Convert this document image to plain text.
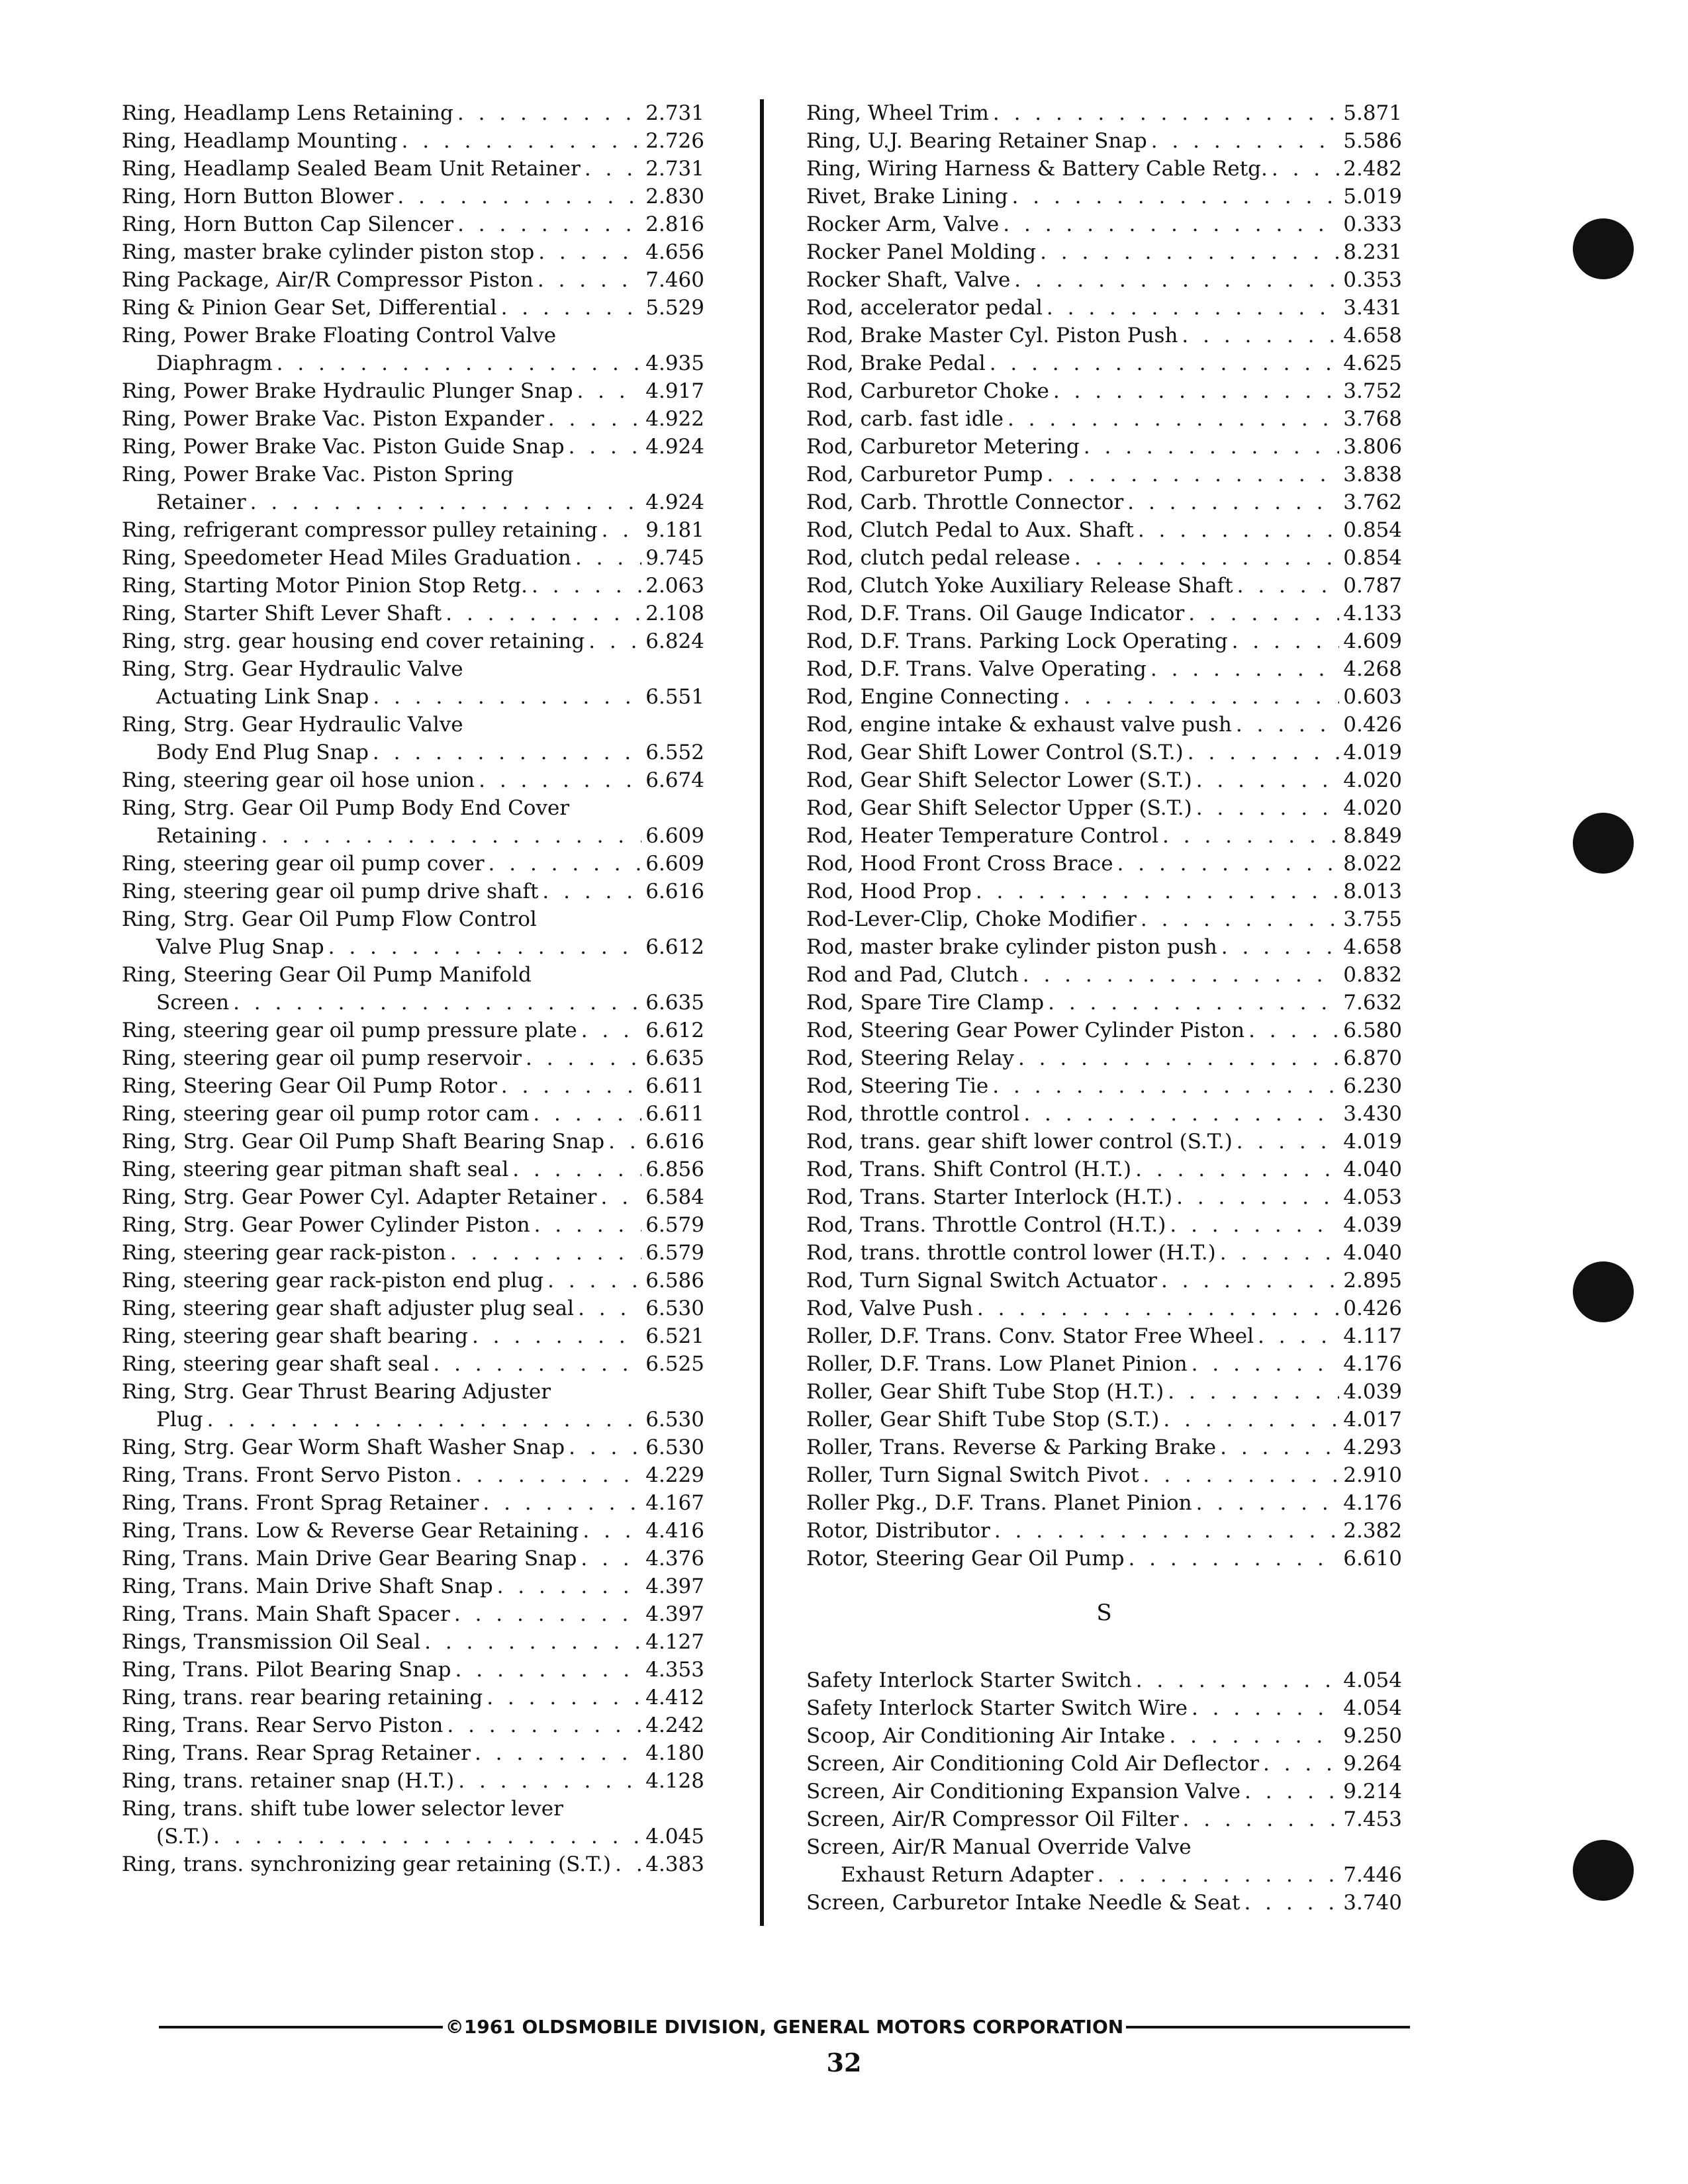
Ring, Headlamp Lens Retaining . . .	2.731
Ring, Headlamp Mounting . . .	2.726
Ring, Headlamp Sealed Beam Unit Retainer . . .	2.731
Ring, Horn Button Blower . . .	2.830
Ring, Horn Button Cap Silencer . . .	2.816
Ring, master brake cylinder piston stop . . .	4.656
Ring Package, Air/R Compressor Piston . . .	7.460
Ring & Pinion Gear Set, Differential . . .	5.529
Ring, Power Brake Floating Control Valve
Diaphragm . . .	4.935
Ring, Power Brake Hydraulic Plunger Snap . . .	4.917
Ring, Power Brake Vac. Piston Expander . . .	4.922
Ring, Power Brake Vac. Piston Guide Snap . . .	4.924
Ring, Power Brake Vac. Piston Spring
Retainer . . .	4.924
Ring, refrigerant compressor pulley retaining . . . 9.181
Ring, Speedometer Head Miles Graduation . . .	9.745
Ring, Starting Motor Pinion Stop Retg. . . .	2.063
Ring, Starter Shift Lever Shaft . . .	2.108
Ring, strg. gear housing end cover retaining . . .	6.824
Ring, Strg. Gear Hydraulic Valve
Actuating Link Snap . . .	6.551
Ring, Strg. Gear Hydraulic Valve
Body End Plug Snap . . .	6.552
Ring, steering gear oil hose union . . .	6.674
Ring, Strg. Gear Oil Pump Body End Cover
Retaining . . .	6.609
Ring, steering gear oil pump cover . . .	6.609
Ring, steering gear oil pump drive shaft . . .	6.616
Ring, Strg. Gear Oil Pump Flow Control
Valve Plug Snap . . .	6.612
Ring, Steering Gear Oil Pump Manifold
Screen . . .	6.635
Ring, steering gear oil pump pressure plate . . .	6.612
Ring, steering gear oil pump reservoir . . .	6.635
Ring, Steering Gear Oil Pump Rotor . . .	6.611
Ring, steering gear oil pump rotor cam . . .	6.611
Ring, Strg. Gear Oil Pump Shaft Bearing Snap . . . 6.616
Ring, steering gear pitman shaft seal . . .	6.856
Ring, Strg. Gear Power Cyl. Adapter Retainer . . . 6.584
Ring, Strg. Gear Power Cylinder Piston . . .	6.579
Ring, steering gear rack-piston . . .	6.579
Ring, steering gear rack-piston end plug . . .	6.586
Ring, steering gear shaft adjuster plug seal . . .	6.530
Ring, steering gear shaft bearing . . .	6.521
Ring, steering gear shaft seal . . .	6.525
Ring, Strg. Gear Thrust Bearing Adjuster
Plug . . .	6.530
Ring, Strg. Gear Worm Shaft Washer Snap . . .	6.530
Ring, Trans. Front Servo Piston . . .	4.229
Ring, Trans. Front Sprag Retainer . . .	4.167
Ring, Trans. Low & Reverse Gear Retaining . . .	4.416
Ring, Trans. Main Drive Gear Bearing Snap . . .	4.376
Ring, Trans. Main Drive Shaft Snap . . .	4.397
Ring, Trans. Main Shaft Spacer . . .	4.397
Rings, Transmission Oil Seal . . .	4.127
Ring, Trans. Pilot Bearing Snap . . .	4.353
Ring, trans. rear bearing retaining . . .	4.412
Ring, Trans. Rear Servo Piston . . .	4.242
Ring, Trans. Rear Sprag Retainer . . .	4.180
Ring, trans. retainer snap (H.T.) . . .	4.128
Ring, trans. shift tube lower selector lever
(S.T.) . . .	4.045
Ring, trans. synchronizing gear retaining (S.T.) . . . 4.383
Ring, Wheel Trim . . .	5.871
Ring, U.J. Bearing Retainer Snap . . .	5.586
Ring, Wiring Harness & Battery Cable Retg. . . .	2.482
Rivet, Brake Lining . . .	5.019
Rocker Arm, Valve . . .	0.333
Rocker Panel Molding . . .	8.231
Rocker Shaft, Valve . . .	0.353
Rod, accelerator pedal . . .	3.431
Rod, Brake Master Cyl. Piston Push . . .	4.658
Rod, Brake Pedal . . .	4.625
Rod, Carburetor Choke . . .	3.752
Rod, carb. fast idle . . .	3.768
Rod, Carburetor Metering . . .	3.806
Rod, Carburetor Pump . . .	3.838
Rod, Carb. Throttle Connector . . .	3.762
Rod, Clutch Pedal to Aux. Shaft . . .	0.854
Rod, clutch pedal release . . .	0.854
Rod, Clutch Yoke Auxiliary Release Shaft . . .	0.787
Rod, D.F. Trans. Oil Gauge Indicator . . .	4.133
Rod, D.F. Trans. Parking Lock Operating . . .	4.609
Rod, D.F. Trans. Valve Operating . . .	4.268
Rod, Engine Connecting . . .	0.603
Rod, engine intake & exhaust valve push . . .	0.426
Rod, Gear Shift Lower Control (S.T.) . . .	4.019
Rod, Gear Shift Selector Lower (S.T.) . . .	4.020
Rod, Gear Shift Selector Upper (S.T.) . . .	4.020
Rod, Heater Temperature Control . . .	8.849
Rod, Hood Front Cross Brace . . .	8.022
Rod, Hood Prop . . .	8.013
Rod-Lever-Clip, Choke Modifier . . .	3.755
Rod, master brake cylinder piston push . . .	4.658
Rod and Pad, Clutch . . .	0.832
Rod, Spare Tire Clamp . . .	7.632
Rod, Steering Gear Power Cylinder Piston . . .	6.580
Rod, Steering Relay . . .	6.870
Rod, Steering Tie . . .	6.230
Rod, throttle control . . .	3.430
Rod, trans. gear shift lower control (S.T.) . . .	4.019
Rod, Trans. Shift Control (H.T.) . . .	4.040
Rod, Trans. Starter Interlock (H.T.) . . .	4.053
Rod, Trans. Throttle Control (H.T.) . . .	4.039
Rod, trans. throttle control lower (H.T.) . . .	4.040
Rod, Turn Signal Switch Actuator . . .	2.895
Rod, Valve Push . . .	0.426
Roller, D.F. Trans. Conv. Stator Free Wheel . . .	4.117
Roller, D.F. Trans. Low Planet Pinion . . .	4.176
Roller, Gear Shift Tube Stop (H.T.) . . .	4.039
Roller, Gear Shift Tube Stop (S.T.) . . .	4.017
Roller, Trans. Reverse & Parking Brake . . .	4.293
Roller, Turn Signal Switch Pivot . . .	2.910
Roller Pkg., D.F. Trans. Planet Pinion . . .	4.176
Rotor, Distributor . . .	2.382
Rotor, Steering Gear Oil Pump . . .	6.610
S
Safety Interlock Starter Switch . . .	4.054
Safety Interlock Starter Switch Wire . . .	4.054
Scoop, Air Conditioning Air Intake . . .	9.250
Screen, Air Conditioning Cold Air Deflector . . .	9.264
Screen, Air Conditioning Expansion Valve . . .	9.214
Screen, Air/R Compressor Oil Filter . . .	7.453
Screen, Air/R Manual Override Valve
Exhaust Return Adapter . . .	7.446
Screen, Carburetor Intake Needle & Seat . . .	3.740
©1961 OLDSMOBILE DIVISION, GENERAL MOTORS CORPORATION
32
